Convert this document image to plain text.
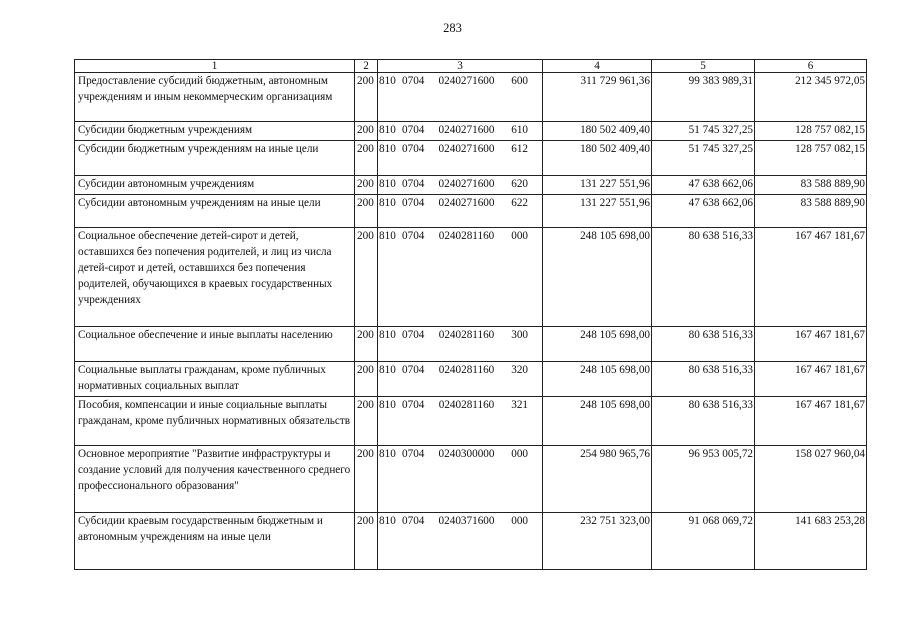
283
1	2	3	4	5	6
Предоставление субсидий бюджетным, автономным учреждениям и иным некоммерческим организациям	200	810 0704 0240271600 600	311 729 961,36	99 383 989,31	212 345 972,05
Субсидии бюджетным учреждениям	200	810 0704 0240271600 610	180 502 409,40	51 745 327,25	128 757 082,15
Субсидии бюджетным учреждениям на иные цели	200	810 0704 0240271600 612	180 502 409,40	51 745 327,25	128 757 082,15
Субсидии автономным учреждениям	200	810 0704 0240271600 620	131 227 551,96	47 638 662,06	83 588 889,90
Субсидии автономным учреждениям на иные цели	200	810 0704 0240271600 622	131 227 551,96	47 638 662,06	83 588 889,90
Социальное обеспечение детей-сирот и детей, оставшихся без попечения родителей, и лиц из числа детей-сирот и детей, оставшихся без попечения родителей, обучающихся в краевых государственных учреждениях	200	810 0704 0240281160 000	248 105 698,00	80 638 516,33	167 467 181,67
Социальное обеспечение и иные выплаты населению	200	810 0704 0240281160 300	248 105 698,00	80 638 516,33	167 467 181,67
Социальные выплаты гражданам, кроме публичных нормативных социальных выплат	200	810 0704 0240281160 320	248 105 698,00	80 638 516,33	167 467 181,67
Пособия, компенсации и иные социальные выплаты гражданам, кроме публичных нормативных обязательств	200	810 0704 0240281160 321	248 105 698,00	80 638 516,33	167 467 181,67
Основное мероприятие "Развитие инфраструктуры и создание условий для получения качественного среднего профессионального образования"	200	810 0704 0240300000 000	254 980 965,76	96 953 005,72	158 027 960,04
Субсидии краевым государственным бюджетным и автономным учреждениям на иные цели	200	810 0704 0240371600 000	232 751 323,00	91 068 069,72	141 683 253,28
